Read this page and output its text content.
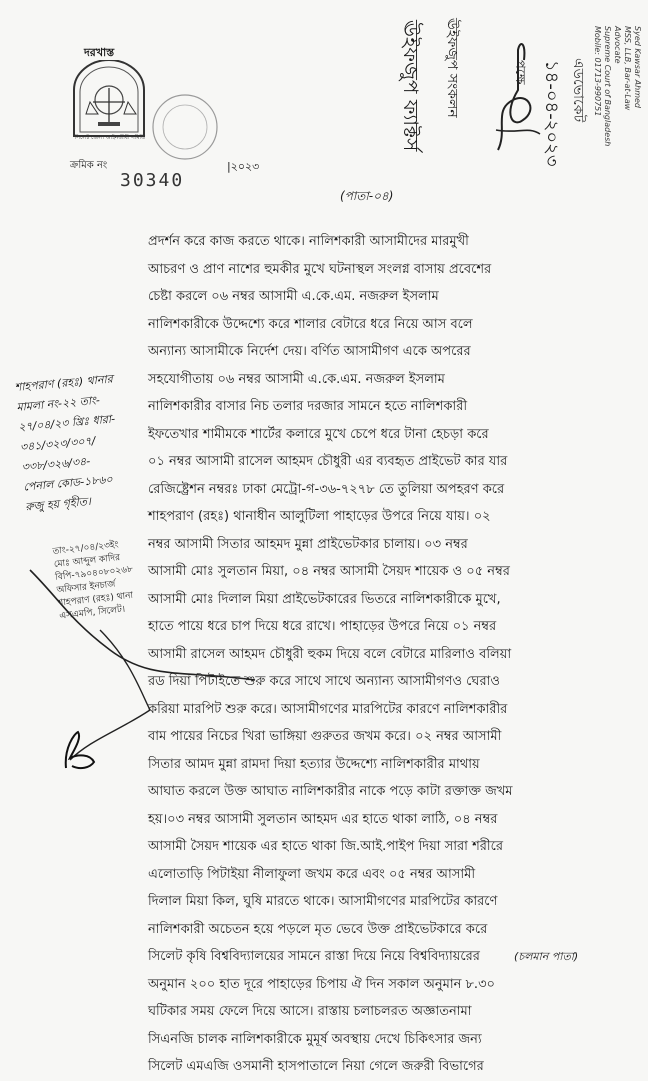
দরখাস্ত
সিলেট জেলা আইনজীবী সমিতি
ক্রমিক নং
30340
|২০২৩
ঊইফজুপ ফ্যাক্টর্স ঊইফজুপ সংকলন	পক্ষে ১৪-০৪-২০২৩ এডভোকেট	Syed Kawsar Ahmed
MSS, LLB, Bar-at-Law
Advocate
Supreme Court of Bangladesh
Mobile: 01713-990751
(পাতা-০৪)

প্রদর্শন করে কাজ করতে থাকে। নালিশকারী আসামীদের মারমুখী

আচরণ ও প্রাণ নাশের হুমকীর মুখে ঘটনাস্থল সংলগ্ন বাসায় প্রবেশের

চেষ্টা করলে ০৬ নম্বর আসামী এ.কে.এম. নজরুল ইসলাম

নালিশকারীকে উদ্দেশ্যে করে শালার বেটারে ধরে নিয়ে আস বলে

অন্যান্য আসামীকে নির্দেশ দেয়। বর্ণিত আসামীগণ একে অপরের

সহযোগীতায় ০৬ নম্বর আসামী এ.কে.এম. নজরুল ইসলাম

নালিশকারীর বাসার নিচ তলার দরজার সামনে হতে নালিশকারী

ইফতেখার শামীমকে শার্টের কলারে মুখে চেপে ধরে টানা হেচড়া করে

০১ নম্বর আসামী রাসেল আহমদ চৌধুরী এর ব্যবহৃত প্রাইভেট কার যার

রেজিষ্ট্রেশন নম্বরঃ ঢাকা মেট্রো-গ-৩৬-৭২৭৮ তে তুলিয়া অপহরণ করে

শাহপরাণ (রহঃ) থানাধীন আলুটিলা পাহাড়ের উপরে নিয়ে যায়। ০২

নম্বর আসামী সিতার আহমদ মুন্না প্রাইভেটকার চালায়। ০৩ নম্বর

আসামী মোঃ সুলতান মিয়া, ০৪ নম্বর আসামী সৈয়দ শায়েক ও ০৫ নম্বর

আসামী মোঃ দিলাল মিয়া প্রাইভেটকারের ভিতরে নালিশকারীকে মুখে,

হাতে পায়ে ধরে চাপ দিয়ে ধরে রাখে। পাহাড়ের উপরে নিয়ে ০১ নম্বর

আসামী রাসেল আহমদ চৌধুরী হুকম দিয়ে বলে বেটারে মারিলাও বলিয়া

রড দিয়া পিটাইতে শুরু করে সাথে সাথে অন্যান্য আসামীগণও ঘেরাও

করিয়া মারপিট শুরু করে। আসামীগণের মারপিটের কারণে নালিশকারীর

বাম পায়ের নিচের খিরা ভাঙ্গিয়া গুরুতর জখম করে। ০২ নম্বর আসামী

সিতার আমদ মুন্না রামদা দিয়া হত্যার উদ্দেশ্যে নালিশকারীর মাথায়

আঘাত করলে উক্ত আঘাত নালিশকারীর নাকে পড়ে কাটা রক্তাক্ত জখম

হয়।০৩ নম্বর আসামী সুলতান আহমদ এর হাতে থাকা লাঠি, ০৪ নম্বর

আসামী সৈয়দ শায়েক এর হাতে থাকা জি.আই.পাইপ দিয়া সারা শরীরে

এলোতাড়ি পিটাইয়া নীলাফুলা জখম করে এবং ০৫ নম্বর আসামী

দিলাল মিয়া কিল, ঘুষি মারতে থাকে। আসামীগণের মারপিটের কারণে

নালিশকারী অচেতন হয়ে পড়লে মৃত ভেবে উক্ত প্রাইভেটকারে করে

সিলেট কৃষি বিশ্ববিদ্যালয়ের সামনে রাস্তা দিয়ে নিয়ে বিশ্ববিদ্যায়রের

অনুমান ২০০ হাত দূরে পাহাড়ের চিপায় ঐ দিন সকাল অনুমান ৮.৩০

ঘটিকার সময় ফেলে দিয়ে আসে। রাস্তায় চলাচলরত অজ্ঞাতনামা

সিএনজি চালক নালিশকারীকে মুমূর্ষ অবস্থায় দেখে চিকিৎসার জন্য

সিলেট এমএজি ওসমানী হাসপাতালে নিয়া গেলে জরুরী বিভাগের

শাহপরাণ (রহঃ) থানার
মামলা নং-২২ তাং-
২৭/০৪/২৩ খ্রিঃ ধারা-
৩৪১/৩২৩/৩০৭/
৩৩৮/৩২৬/৩৪-
পেনাল কোড-১৮৬০
রুজু হয় গৃহীত।
তাং-২৭/০৪/২৩ইং
মোঃ আব্দুল কাদির
বিপি-৭৯০৪০৮০২৬৮
অফিসার ইনচার্জ
শাহপরাণ (রহঃ) থানা
এসএমপি, সিলেট।
(চলমান পাতা)
